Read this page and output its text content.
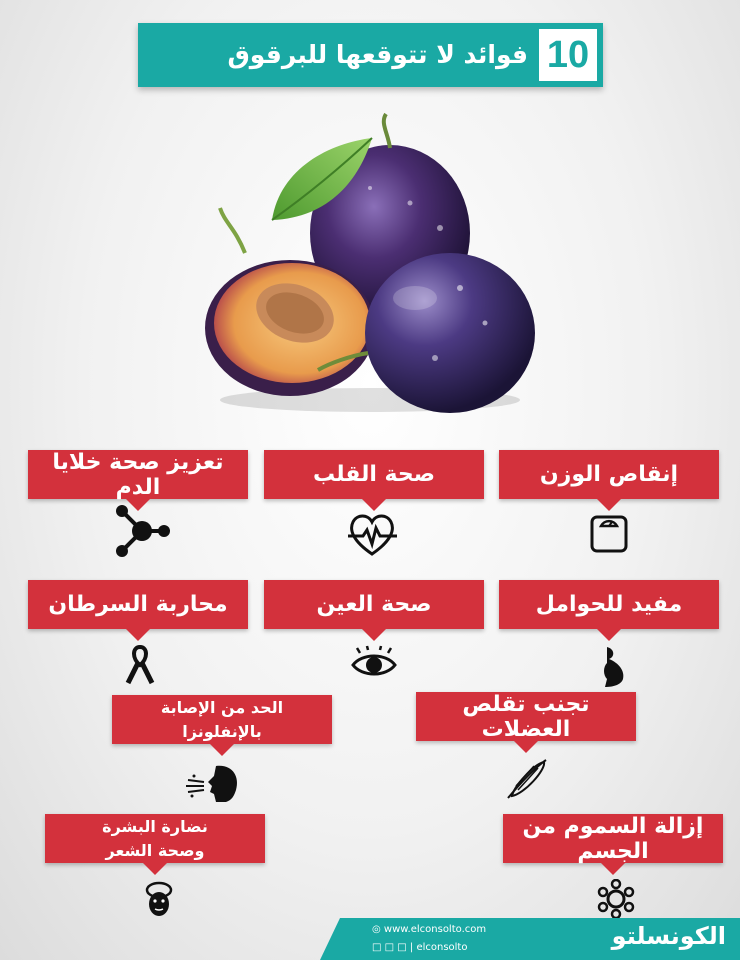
فوائد لا تتوقعها للبرقوق 10
إنقاص الوزن
صحة القلب
تعزيز صحة خلايا الدم
مفيد للحوامل
صحة العين
محاربة السرطان
تجنب تقلص العضلات
الحد من الإصابة
بالإنفلونزا
إزالة السموم من الجسم
نضارة البشرة
وصحة الشعر
◎ www.elconsolto.com
□ □ □ | elconsolto	الكونسلتو
